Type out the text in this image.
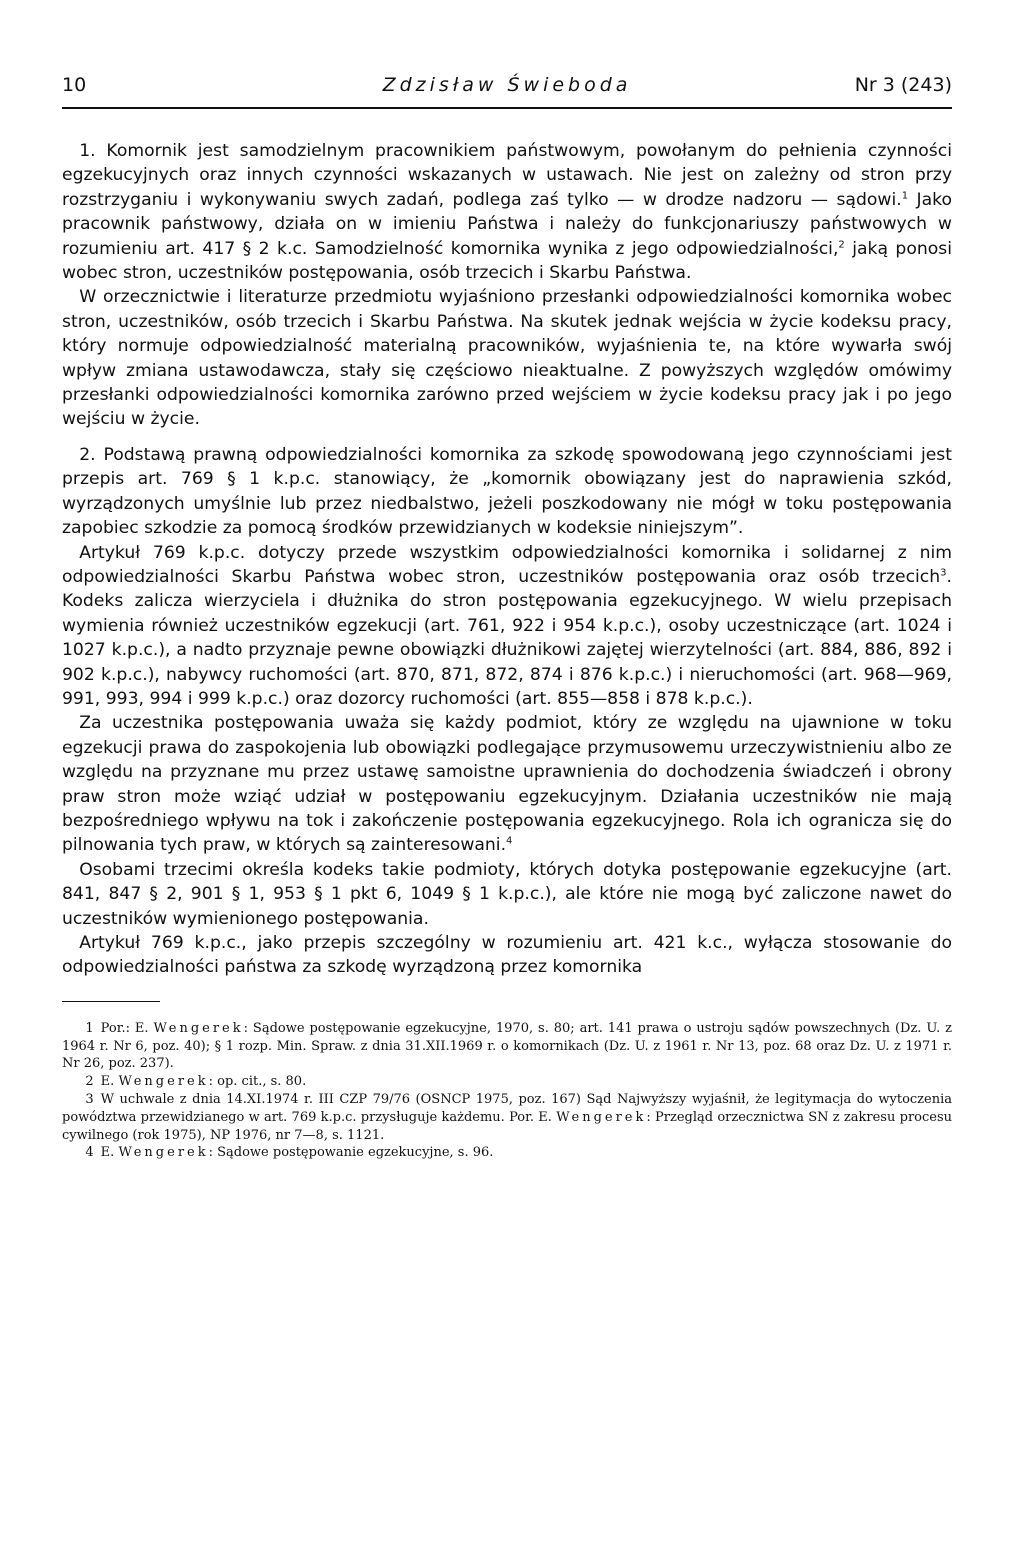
10	Zdzisław Świeboda	Nr 3 (243)

1. Komornik jest samodzielnym pracownikiem państwowym, powołanym do pełnienia czynności egzekucyjnych oraz innych czynności wskazanych w ustawach. Nie jest on zależny od stron przy rozstrzyganiu i wykonywaniu swych zadań, podlega zaś tylko — w drodze nadzoru — sądowi.$^1$ Jako pracownik państwowy, działa on w imieniu Państwa i należy do funkcjonariuszy państwowych w rozumieniu art. 417 § 2 k.c. Samodzielność komornika wynika z jego odpowiedzialności,$^2$ jaką ponosi wobec stron, uczestników postępowania, osób trzecich i Skarbu Państwa.

W orzecznictwie i literaturze przedmiotu wyjaśniono przesłanki odpowiedzialności komornika wobec stron, uczestników, osób trzecich i Skarbu Państwa. Na skutek jednak wejścia w życie kodeksu pracy, który normuje odpowiedzialność materialną pracowników, wyjaśnienia te, na które wywarła swój wpływ zmiana ustawodawcza, stały się częściowo nieaktualne. Z powyższych względów omówimy przesłanki odpowiedzialności komornika zarówno przed wejściem w życie kodeksu pracy jak i po jego wejściu w życie.

2. Podstawą prawną odpowiedzialności komornika za szkodę spowodowaną jego czynnościami jest przepis art. 769 § 1 k.p.c. stanowiący, że „komornik obowiązany jest do naprawienia szkód, wyrządzonych umyślnie lub przez niedbalstwo, jeżeli poszkodowany nie mógł w toku postępowania zapobiec szkodzie za pomocą środków przewidzianych w kodeksie niniejszym”.

Artykuł 769 k.p.c. dotyczy przede wszystkim odpowiedzialności komornika i solidarnej z nim odpowiedzialności Skarbu Państwa wobec stron, uczestników postępowania oraz osób trzecich$^3$. Kodeks zalicza wierzyciela i dłużnika do stron postępowania egzekucyjnego. W wielu przepisach wymienia również uczestników egzekucji (art. 761, 922 i 954 k.p.c.), osoby uczestniczące (art. 1024 i 1027 k.p.c.), a nadto przyznaje pewne obowiązki dłużnikowi zajętej wierzytelności (art. 884, 886, 892 i 902 k.p.c.), nabywcy ruchomości (art. 870, 871, 872, 874 i 876 k.p.c.) i nieruchomości (art. 968—969, 991, 993, 994 i 999 k.p.c.) oraz dozorcy ruchomości (art. 855—858 i 878 k.p.c.).

Za uczestnika postępowania uważa się każdy podmiot, który ze względu na ujawnione w toku egzekucji prawa do zaspokojenia lub obowiązki podlegające przymusowemu urzeczywistnieniu albo ze względu na przyznane mu przez ustawę samoistne uprawnienia do dochodzenia świadczeń i obrony praw stron może wziąć udział w postępowaniu egzekucyjnym. Działania uczestników nie mają bezpośredniego wpływu na tok i zakończenie postępowania egzekucyjnego. Rola ich ogranicza się do pilnowania tych praw, w których są zainteresowani.$^4$

Osobami trzecimi określa kodeks takie podmioty, których dotyka postępowanie egzekucyjne (art. 841, 847 § 2, 901 § 1, 953 § 1 pkt 6, 1049 § 1 k.p.c.), ale które nie mogą być zaliczone nawet do uczestników wymienionego postępowania.

Artykuł 769 k.p.c., jako przepis szczególny w rozumieniu art. 421 k.c., wyłącza stosowanie do odpowiedzialności państwa za szkodę wyrządzoną przez komornika

1 Por.: E. Wengerek: Sądowe postępowanie egzekucyjne, 1970, s. 80; art. 141 prawa o ustroju sądów powszechnych (Dz. U. z 1964 r. Nr 6, poz. 40); § 1 rozp. Min. Spraw. z dnia 31.XII.1969 r. o komornikach (Dz. U. z 1961 r. Nr 13, poz. 68 oraz Dz. U. z 1971 r. Nr 26, poz. 237).

2 E. Wengerek: op. cit., s. 80.

3 W uchwale z dnia 14.XI.1974 r. III CZP 79/76 (OSNCP 1975, poz. 167) Sąd Najwyższy wyjaśnił, że legitymacja do wytoczenia powództwa przewidzianego w art. 769 k.p.c. przysługuje każdemu. Por. E. Wengerek: Przegląd orzecznictwa SN z zakresu procesu cywilnego (rok 1975), NP 1976, nr 7—8, s. 1121.

4 E. Wengerek: Sądowe postępowanie egzekucyjne, s. 96.
